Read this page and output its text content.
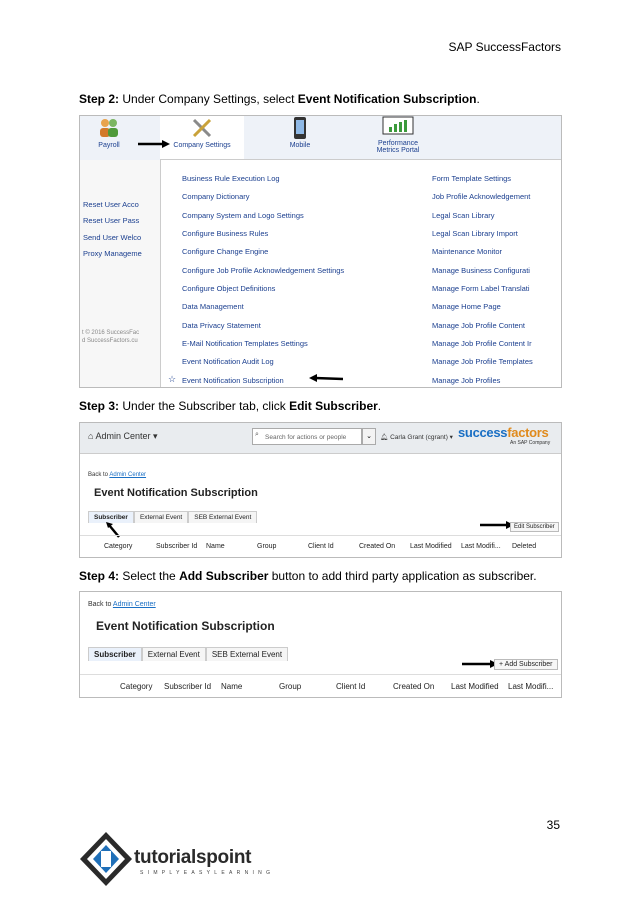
SAP SuccessFactors
Step 2: Under Company Settings, select Event Notification Subscription.
Payroll	Company Settings	Mobile	Performance
Metrics Portal
Reset User Acco
Reset User Pass
Send User Welco
Proxy Manageme
t © 2016 SuccessFac
d SuccessFactors.cu
Business Rule Execution Log
Company Dictionary
Company System and Logo Settings
Configure Business Rules
Configure Change Engine
Configure Job Profile Acknowledgement Settings
Configure Object Definitions
Data Management
Data Privacy Statement
E-Mail Notification Templates Settings
Event Notification Audit Log
Event Notification Subscription
☆
Form Template Settings
Job Profile Acknowledgement
Legal Scan Library
Legal Scan Library Import
Maintenance Monitor
Manage Business Configurati
Manage Form Label Translati
Manage Home Page
Manage Job Profile Content
Manage Job Profile Content Ir
Manage Job Profile Templates
Manage Job Profiles
Step 3: Under the Subscriber tab, click Edit Subscriber.
⌂ Admin Center ▾	Search for actions or people
⌕	⌄	🔔︎ Carla Grant (cgrant) ▾ successfactors
An SAP Company
Back to Admin Center
Event Notification Subscription
Subscriber	External Event	SEB External Event
Edit Subscriber
Category	Subscriber Id Name	Group	Client Id	Created On Last Modified Last Modifi... Deleted
Step 4: Select the Add Subscriber button to add third party application as subscriber.
Back to Admin Center
Event Notification Subscription
Subscriber	External Event	SEB External Event
+ Add Subscriber
Category Subscriber Id Name	Group	Client Id	Created On Last Modified Last Modifi...
35
tutorialspoint
SIMPLYEASYLEARNING
